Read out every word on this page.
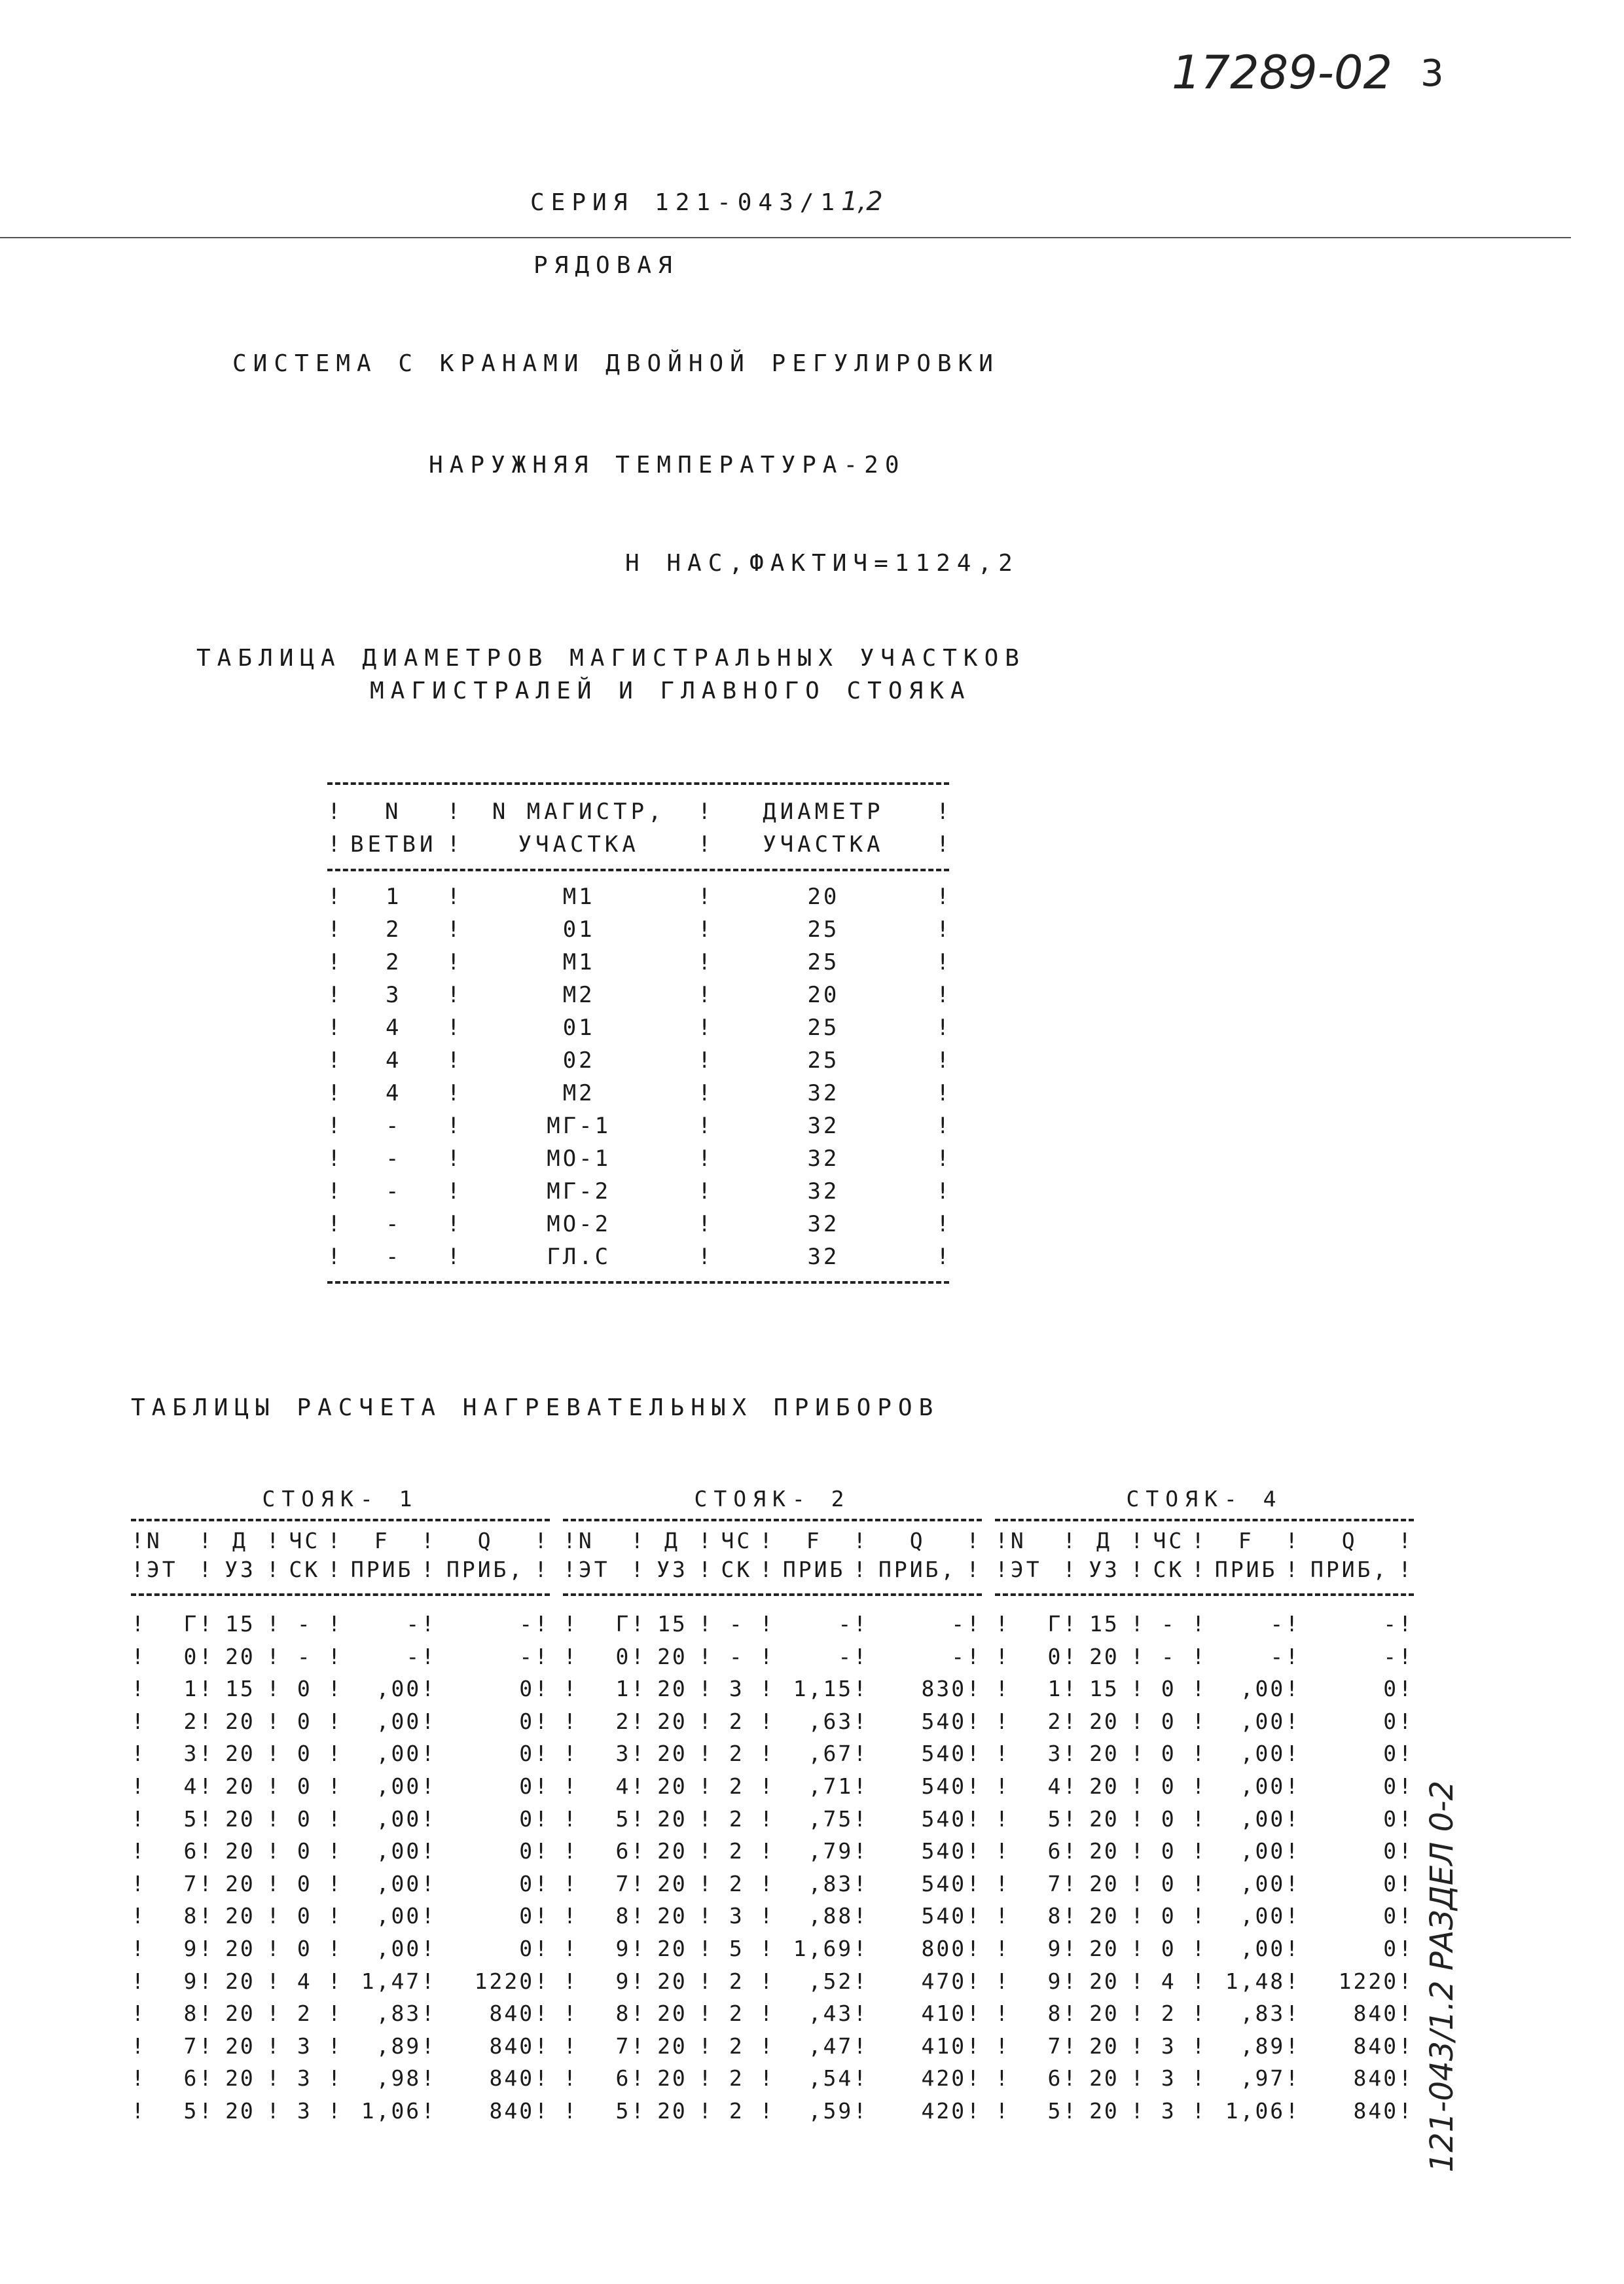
17289-02 3
СЕРИЯ 121-043/11,2
РЯДОВАЯ
СИСТЕМА С КРАНАМИ ДВОЙНОЙ РЕГУЛИРОВКИ
НАРУЖНЯЯ ТЕМПЕРАТУРА-20
Н НАС,ФАКТИЧ=1124,2
ТАБЛИЦА ДИАМЕТРОВ МАГИСТРАЛЬНЫХ УЧАСТКОВ
МАГИСТРАЛЕЙ И ГЛАВНОГО СТОЯКА
!	N	!	N МАГИСТР,	!	ДИАМЕТР	!
! ВЕТВИ !	УЧАСТКА	!	УЧАСТКА	!
!	1	!	М1	!	20	!
!	2	!	01	!	25	!
!	2	!	М1	!	25	!
!	3	!	М2	!	20	!
!	4	!	01	!	25	!
!	4	!	02	!	25	!
!	4	!	М2	!	32	!
!	-	!	МГ-1	!	32	!
!	-	!	МО-1	!	32	!
!	-	!	МГ-2	!	32	!
!	-	!	МО-2	!	32	!
!	-	!	ГЛ.С	!	32	!
ТАБЛИЦЫ РАСЧЕТА НАГРЕВАТЕЛЬНЫХ ПРИБОРОВ
СТОЯК- 1
! N	! Д ! ЧС !	F	!	Q	!
! ЭТ ! УЗ ! СК ! ПРИБ ! ПРИБ, !
!	Г ! 15 ! - !	- !	- !
!	0 ! 20 ! - !	- !	- !
!	1 ! 15 ! 0 !	,00 !	0 !
!	2 ! 20 ! 0 !	,00 !	0 !
!	3 ! 20 ! 0 !	,00 !	0 !
!	4 ! 20 ! 0 !	,00 !	0 !
!	5 ! 20 ! 0 !	,00 !	0 !
!	6 ! 20 ! 0 !	,00 !	0 !
!	7 ! 20 ! 0 !	,00 !	0 !
!	8 ! 20 ! 0 !	,00 !	0 !
!	9 ! 20 ! 0 !	,00 !	0 !
!	9 ! 20 ! 4 ! 1,47 !	1220 !
!	8 ! 20 ! 2 !	,83 !	840 !
!	7 ! 20 ! 3 !	,89 !	840 !
!	6 ! 20 ! 3 !	,98 !	840 !
!	5 ! 20 ! 3 ! 1,06 !	840 !
СТОЯК- 2
! N	! Д ! ЧС !	F	!	Q	!
! ЭТ ! УЗ ! СК ! ПРИБ ! ПРИБ, !
!	Г ! 15 ! - !	- !	- !
!	0 ! 20 ! - !	- !	- !
!	1 ! 20 ! 3 ! 1,15 !	830 !
!	2 ! 20 ! 2 !	,63 !	540 !
!	3 ! 20 ! 2 !	,67 !	540 !
!	4 ! 20 ! 2 !	,71 !	540 !
!	5 ! 20 ! 2 !	,75 !	540 !
!	6 ! 20 ! 2 !	,79 !	540 !
!	7 ! 20 ! 2 !	,83 !	540 !
!	8 ! 20 ! 3 !	,88 !	540 !
!	9 ! 20 ! 5 ! 1,69 !	800 !
!	9 ! 20 ! 2 !	,52 !	470 !
!	8 ! 20 ! 2 !	,43 !	410 !
!	7 ! 20 ! 2 !	,47 !	410 !
!	6 ! 20 ! 2 !	,54 !	420 !
!	5 ! 20 ! 2 !	,59 !	420 !
СТОЯК- 4
! N	! Д ! ЧС !	F	!	Q	!
! ЭТ ! УЗ ! СК ! ПРИБ ! ПРИБ, !
!	Г ! 15 ! - !	- !	- !
!	0 ! 20 ! - !	- !	- !
!	1 ! 15 ! 0 !	,00 !	0 !
!	2 ! 20 ! 0 !	,00 !	0 !
!	3 ! 20 ! 0 !	,00 !	0 !
!	4 ! 20 ! 0 !	,00 !	0 !
!	5 ! 20 ! 0 !	,00 !	0 !
!	6 ! 20 ! 0 !	,00 !	0 !
!	7 ! 20 ! 0 !	,00 !	0 !
!	8 ! 20 ! 0 !	,00 !	0 !
!	9 ! 20 ! 0 !	,00 !	0 !
!	9 ! 20 ! 4 ! 1,48 !	1220 !
!	8 ! 20 ! 2 !	,83 !	840 !
!	7 ! 20 ! 3 !	,89 !	840 !
!	6 ! 20 ! 3 !	,97 !	840 !
!	5 ! 20 ! 3 ! 1,06 !	840 ! 121-043/1.2 РАЗДЕЛ 0-2
